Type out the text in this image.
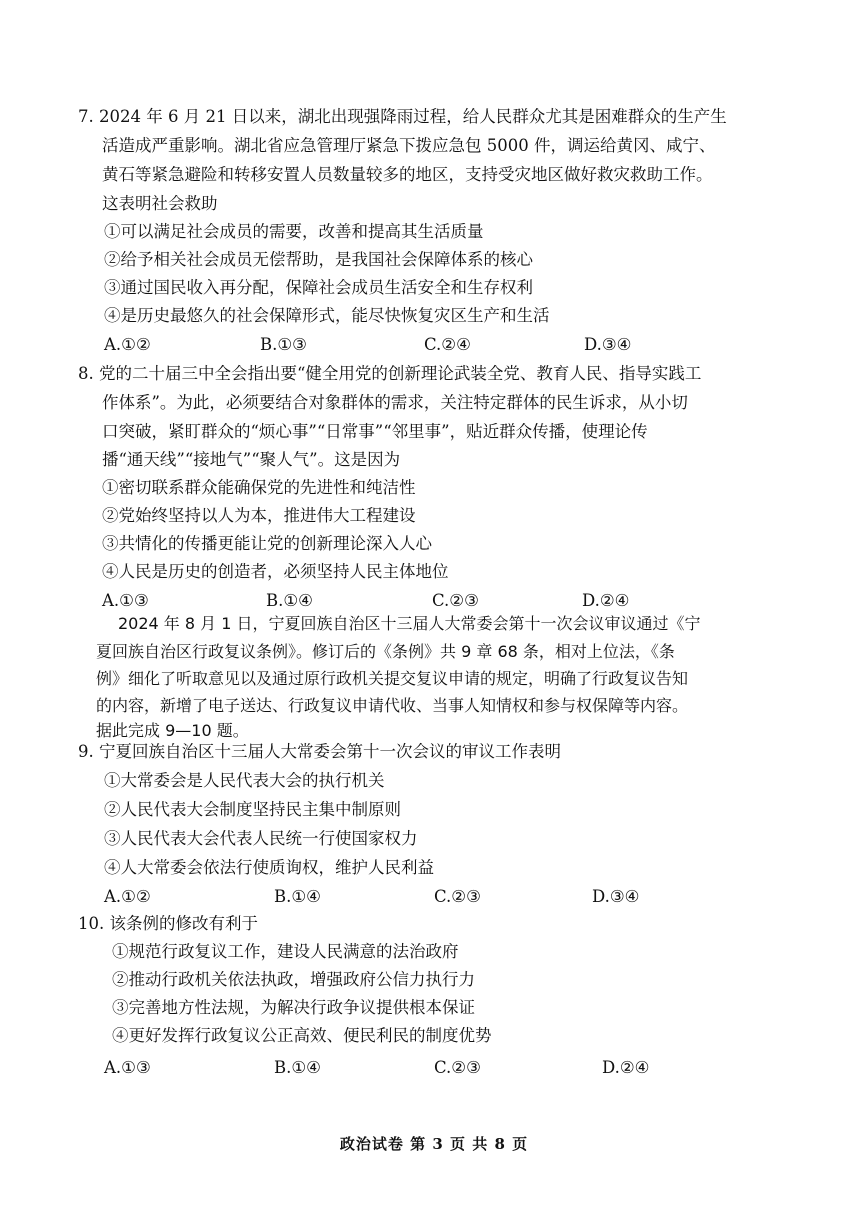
7. 2024 年 6 月 21 日以来，湖北出现强降雨过程，给人民群众尤其是困难群众的生产生
活造成严重影响。湖北省应急管理厅紧急下拨应急包 5000 件，调运给黄冈、咸宁、
黄石等紧急避险和转移安置人员数量较多的地区，支持受灾地区做好救灾救助工作。
这表明社会救助
①可以满足社会成员的需要，改善和提高其生活质量
②给予相关社会成员无偿帮助，是我国社会保障体系的核心
③通过国民收入再分配，保障社会成员生活安全和生存权利
④是历史最悠久的社会保障形式，能尽快恢复灾区生产和生活
A.①②	B.①③	C.②④	D.③④
8. 党的二十届三中全会指出要“健全用党的创新理论武装全党、教育人民、指导实践工
作体系”。为此，必须要结合对象群体的需求，关注特定群体的民生诉求，从小切
口突破，紧盯群众的“烦心事”“日常事”“邻里事”，贴近群众传播，使理论传
播“通天线”“接地气”“聚人气”。这是因为
①密切联系群众能确保党的先进性和纯洁性
②党始终坚持以人为本，推进伟大工程建设
③共情化的传播更能让党的创新理论深入人心
④人民是历史的创造者，必须坚持人民主体地位
A.①③	B.①④	C.②③	D.②④
2024 年 8 月 1 日，宁夏回族自治区十三届人大常委会第十一次会议审议通过《宁
夏回族自治区行政复议条例》。修订后的《条例》共 9 章 68 条，相对上位法，《条
例》细化了听取意见以及通过原行政机关提交复议申请的规定，明确了行政复议告知
的内容，新增了电子送达、行政复议申请代收、当事人知情权和参与权保障等内容。
据此完成 9—10 题。
9. 宁夏回族自治区十三届人大常委会第十一次会议的审议工作表明
①大常委会是人民代表大会的执行机关
②人民代表大会制度坚持民主集中制原则
③人民代表大会代表人民统一行使国家权力
④人大常委会依法行使质询权，维护人民利益
A.①②	B.①④	C.②③	D.③④
10. 该条例的修改有利于
①规范行政复议工作，建设人民满意的法治政府
②推动行政机关依法执政，增强政府公信力执行力
③完善地方性法规，为解决行政争议提供根本保证
④更好发挥行政复议公正高效、便民利民的制度优势
A.①③	B.①④	C.②③	D.②④
政治试卷 第 3 页 共 8 页
